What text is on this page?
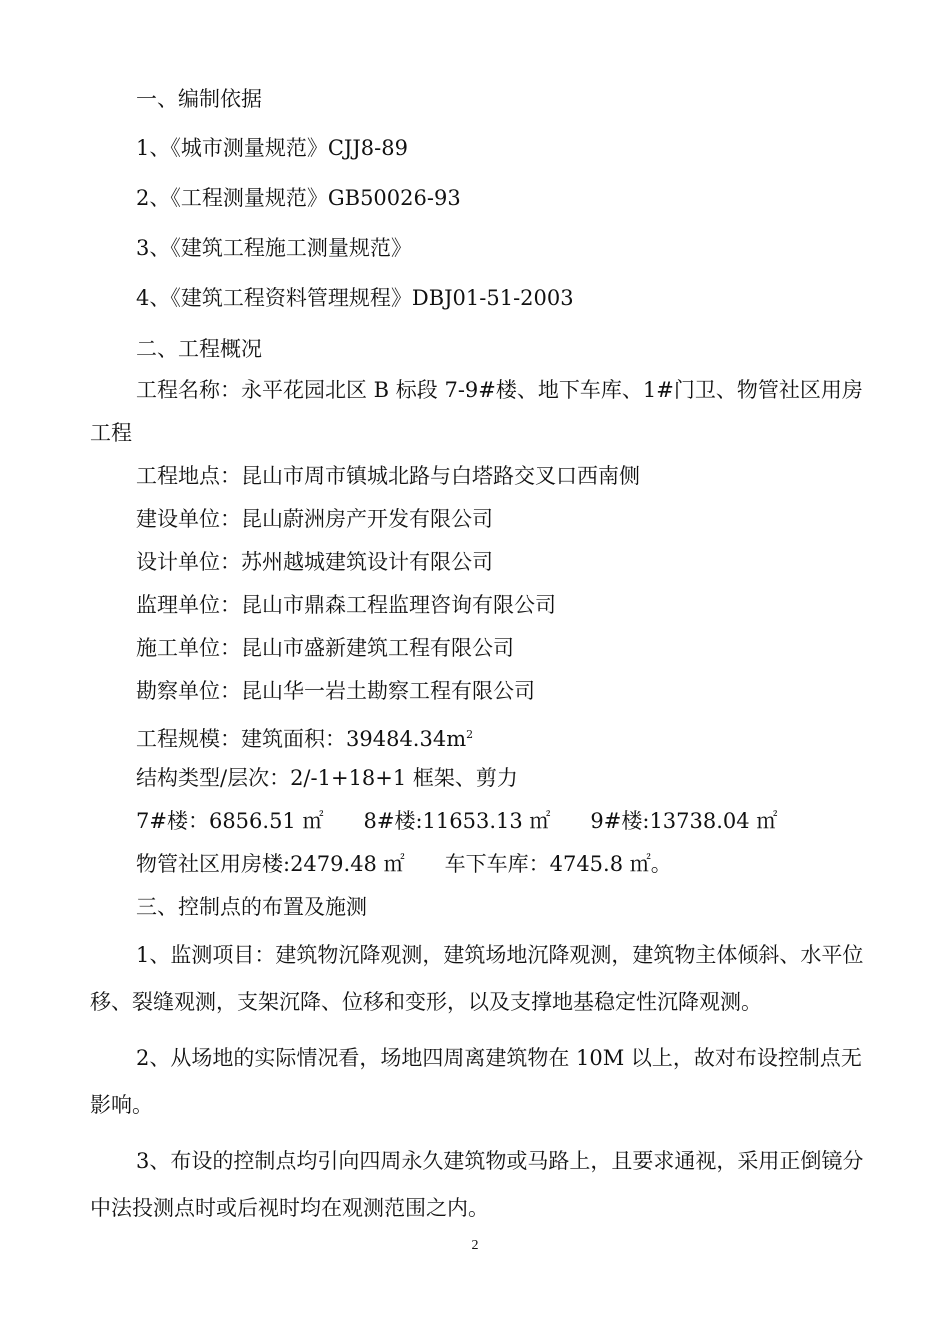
一、编制依据
1、《城市测量规范》CJJ8-89
2、《工程测量规范》GB50026-93
3、《建筑工程施工测量规范》
4、《建筑工程资料管理规程》DBJ01-51-2003
二、工程概况
工程名称：永平花园北区 B 标段 7-9#楼、地下车库、1#门卫、物管社区用房工程
工程地点：昆山市周市镇城北路与白塔路交叉口西南侧
建设单位：昆山蔚洲房产开发有限公司
设计单位：苏州越城建筑设计有限公司
监理单位：昆山市鼎森工程监理咨询有限公司
施工单位：昆山市盛新建筑工程有限公司
勘察单位：昆山华一岩土勘察工程有限公司
工程规模：建筑面积：$39484.34m^2$
结构类型/层次：2/-1+18+1 框架、剪力
7#楼：6856.51 ㎡ 8#楼:11653.13 ㎡ 9#楼:13738.04 ㎡
物管社区用房楼:2479.48 ㎡ 车下车库：4745.8 ㎡。
三、控制点的布置及施测
1、监测项目：建筑物沉降观测，建筑场地沉降观测，建筑物主体倾斜、水平位移、裂缝观测，支架沉降、位移和变形，以及支撑地基稳定性沉降观测。
2、从场地的实际情况看，场地四周离建筑物在 10M 以上，故对布设控制点无影响。
3、布设的控制点均引向四周永久建筑物或马路上，且要求通视，采用正倒镜分中法投测点时或后视时均在观测范围之内。
2
